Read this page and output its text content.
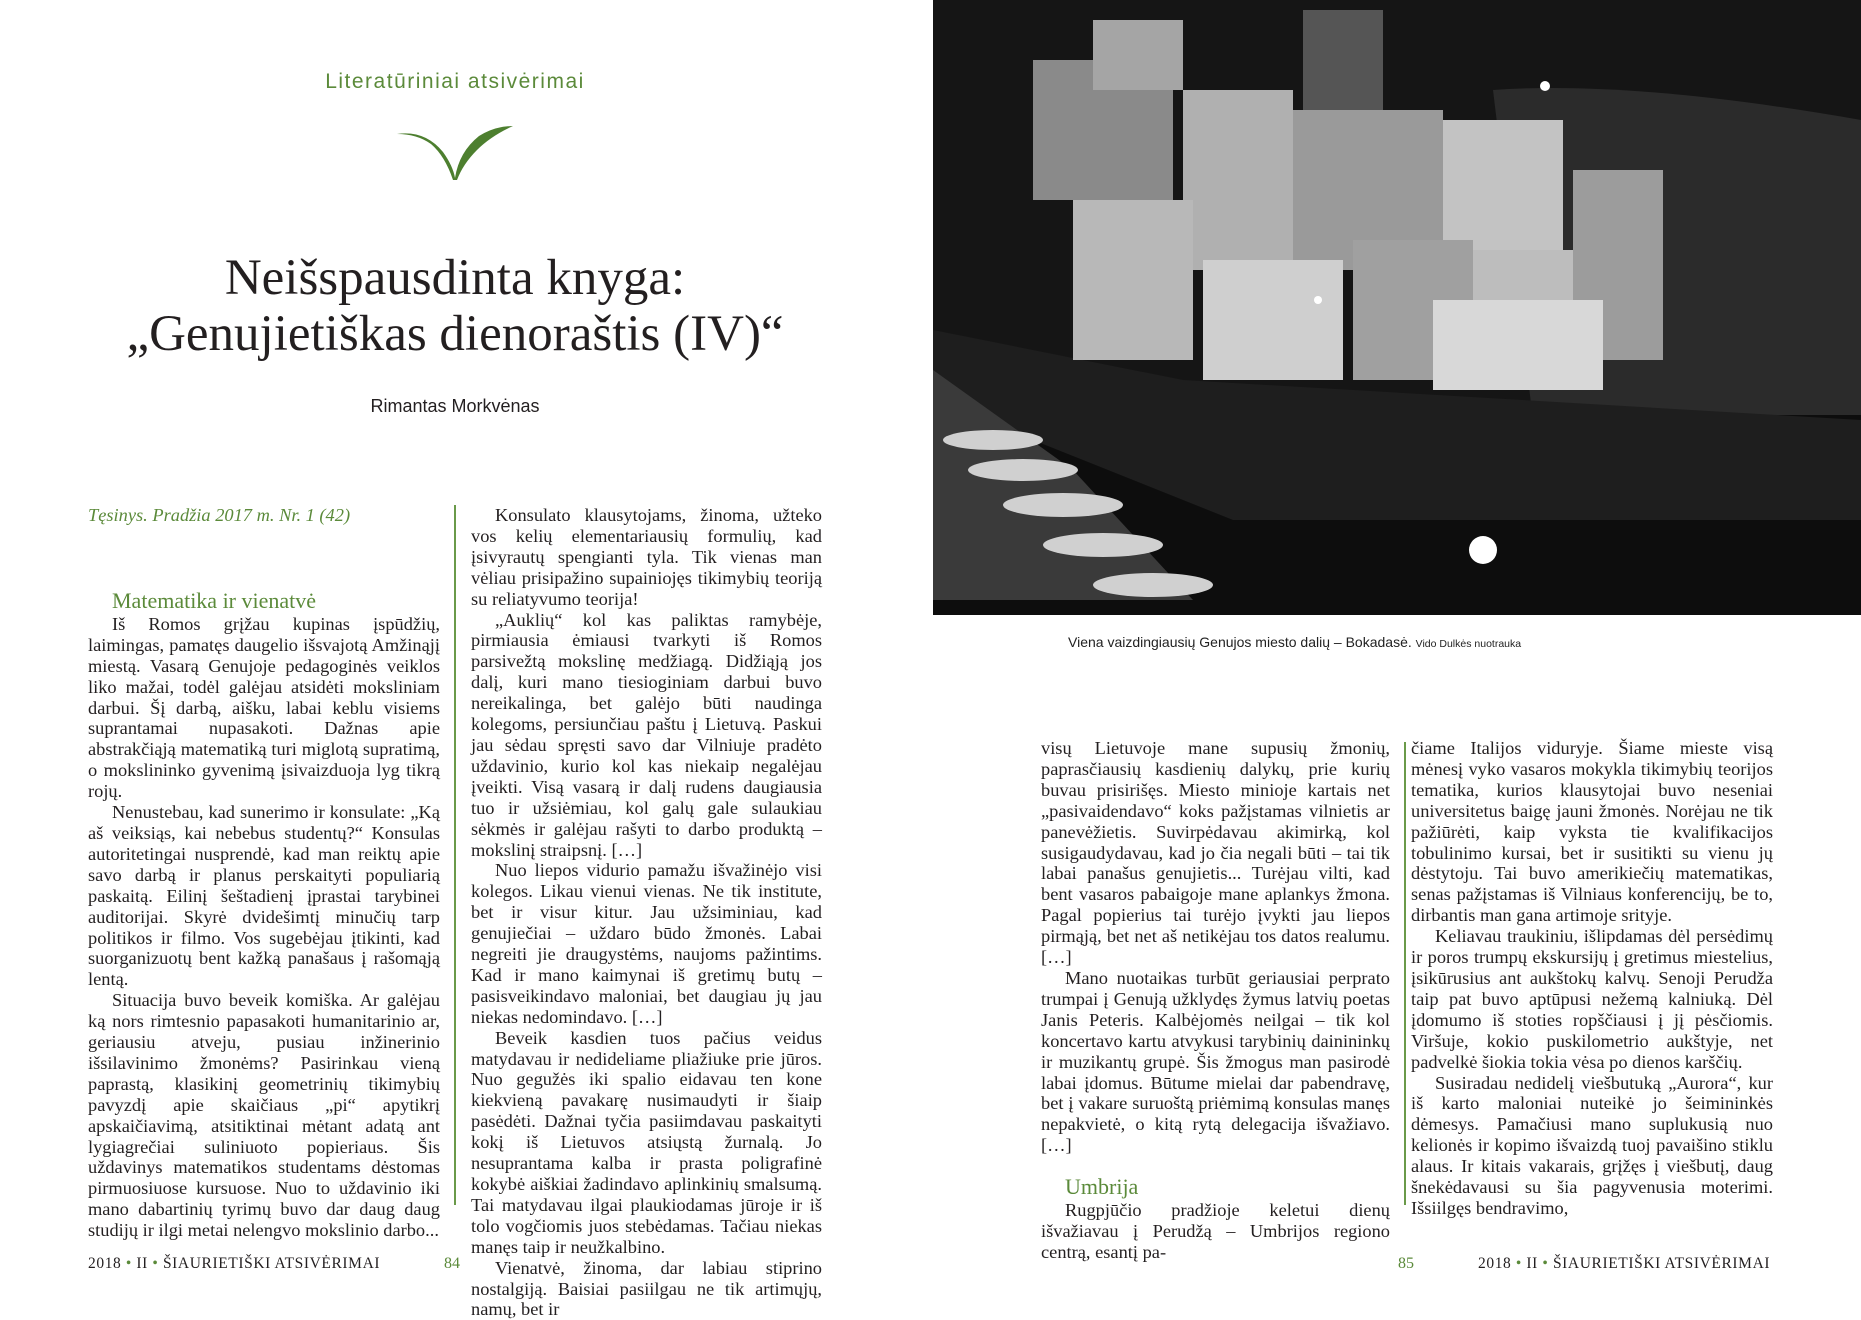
Literatūriniai atsivėrimai
Neišspausdinta knyga:
„Genujietiškas dienoraštis (IV)“
Rimantas Morkvėnas

Tęsinys. Pradžia 2017 m. Nr. 1 (42)

Matematika ir vienatvė

Iš Romos grįžau kupinas įspūdžių, laimingas, pamatęs daugelio išsvajotą Amžinąjį miestą. Vasarą Genujoje pedagoginės veiklos liko mažai, todėl galėjau atsidėti moksliniam darbui. Šį darbą, aišku, labai keblu visiems suprantamai nupasakoti. Dažnas apie abstrakčiąją matematiką turi miglotą supratimą, o mokslininko gyvenimą įsivaizduoja lyg tikrą rojų.

Nenustebau, kad sunerimo ir konsulate: „Ką aš veiksiąs, kai nebebus studentų?“ Konsulas autoritetingai nusprendė, kad man reiktų apie savo darbą ir planus perskaityti populiarią paskaitą. Eilinį šeštadienį įprastai tarybinei auditorijai. Skyrė dvidešimtį minučių tarp politikos ir filmo. Vos sugebėjau įtikinti, kad suorganizuotų bent kažką panašaus į rašomąją lentą.

Situacija buvo beveik komiška. Ar galėjau ką nors rimtesnio papasakoti humanitarinio ar, geriausiu atveju, pusiau inžinerinio išsilavinimo žmonėms? Pasirinkau vieną paprastą, klasikinį geometrinių tikimybių pavyzdį apie skaičiaus „pi“ apytikrį apskaičiavimą, atsitiktinai mėtant adatą ant lygiagrečiai suliniuoto popieriaus. Šis uždavinys matematikos studentams dėstomas pirmuosiuose kursuose. Nuo to uždavinio iki mano dabartinių tyrimų buvo dar daug daug studijų ir ilgi metai nelengvo mokslinio darbo...

Konsulato klausytojams, žinoma, užteko vos kelių elementariausių formulių, kad įsivyrautų spengianti tyla. Tik vienas man vėliau prisipažino supainiojęs tikimybių teoriją su reliatyvumo teorija!

„Auklių“ kol kas paliktas ramybėje, pirmiausia ėmiausi tvarkyti iš Romos parsivežtą mokslinę medžiagą. Didžiąją jos dalį, kuri mano tiesioginiam darbui buvo nereikalinga, bet galėjo būti naudinga kolegoms, persiunčiau paštu į Lietuvą. Paskui jau sėdau spręsti savo dar Vilniuje pradėto uždavinio, kurio kol kas niekaip negalėjau įveikti. Visą vasarą ir dalį rudens daugiausia tuo ir užsiėmiau, kol galų gale sulaukiau sėkmės ir galėjau rašyti to darbo produktą – mokslinį straipsnį. […]

Nuo liepos vidurio pamažu išvažinėjo visi kolegos. Likau vienui vienas. Ne tik institute, bet ir visur kitur. Jau užsiminiau, kad genujiečiai – uždaro būdo žmonės. Labai negreiti jie draugystėms, naujoms pažintims. Kad ir mano kaimynai iš gretimų butų – pasisveikindavo maloniai, bet daugiau jų jau niekas nedomindavo. […]

Beveik kasdien tuos pačius veidus matydavau ir nedideliame pliažiuke prie jūros. Nuo gegužės iki spalio eidavau ten kone kiekvieną pavakarę nusimaudyti ir šiaip pasėdėti. Dažnai tyčia pasiimdavau paskaityti kokį iš Lietuvos atsiųstą žurnalą. Jo nesuprantama kalba ir prasta poligrafinė kokybė aiškiai žadindavo aplinkinių smalsumą. Tai matydavau ilgai plaukiodamas jūroje ir iš tolo vogčiomis juos stebėdamas. Tačiau niekas manęs taip ir neužkalbino.

Vienatvė, žinoma, dar labiau stiprino nostalgiją. Baisiai pasiilgau ne tik artimųjų, namų, bet ir

2018 • II • ŠIAURIETIŠKI ATSIVĖRIMAI	84
Viena vaizdingiausių Genujos miesto dalių – Bokadasė. Vido Dulkės nuotrauka

visų Lietuvoje mane supusių žmonių, paprasčiausių kasdienių dalykų, prie kurių buvau prisirišęs. Miesto minioje kartais net „pasivaidendavo“ koks pažįstamas vilnietis ar panevėžietis. Suvirpėdavau akimirką, kol susigaudydavau, kad jo čia negali būti – tai tik labai panašus genujietis... Turėjau vilti, kad bent vasaros pabaigoje mane aplankys žmona. Pagal popierius tai turėjo įvykti jau liepos pirmąją, bet net aš netikėjau tos datos realumu. […]

Mano nuotaikas turbūt geriausiai perprato trumpai į Genują užklydęs žymus latvių poetas Janis Peteris. Kalbėjomės neilgai – tik kol koncertavo kartu atvykusi tarybinių dainininkų ir muzikantų grupė. Šis žmogus man pasirodė labai įdomus. Būtume mielai dar pabendravę, bet į vakare suruoštą priėmimą konsulas manęs nepakvietė, o kitą rytą delegacija išvažiavo. […]

Umbrija

Rugpjūčio pradžioje keletui dienų išvažiavau į Perudžą – Umbrijos regiono centrą, esantį pa-

čiame Italijos viduryje. Šiame mieste visą mėnesį vyko vasaros mokykla tikimybių teorijos tematika, kurios klausytojai buvo neseniai universitetus baigę jauni žmonės. Norėjau ne tik pažiūrėti, kaip vyksta tie kvalifikacijos tobulinimo kursai, bet ir susitikti su vienu jų dėstytoju. Tai buvo amerikiečių matematikas, senas pažįstamas iš Vilniaus konferencijų, be to, dirbantis man gana artimoje srityje.

Keliavau traukiniu, išlipdamas dėl persėdimų ir poros trumpų ekskursijų į gretimus miestelius, įsikūrusius ant aukštokų kalvų. Senoji Perudža taip pat buvo aptūpusi nežemą kalniuką. Dėl įdomumo iš stoties ropščiausi į jį pėsčiomis. Viršuje, kokio puskilometrio aukštyje, net padvelkė šiokia tokia vėsa po dienos karščių.

Susiradau nedidelį viešbutuką „Aurora“, kur iš karto maloniai nuteikė jo šeimininkės dėmesys. Pamačiusi mano suplukusią nuo kelionės ir kopimo išvaizdą tuoj pavaišino stiklu alaus. Ir kitais vakarais, grįžęs į viešbutį, daug šnekėdavausi su šia pagyvenusia moterimi. Išsiilgęs bendravimo,

85	2018 • II • ŠIAURIETIŠKI ATSIVĖRIMAI
